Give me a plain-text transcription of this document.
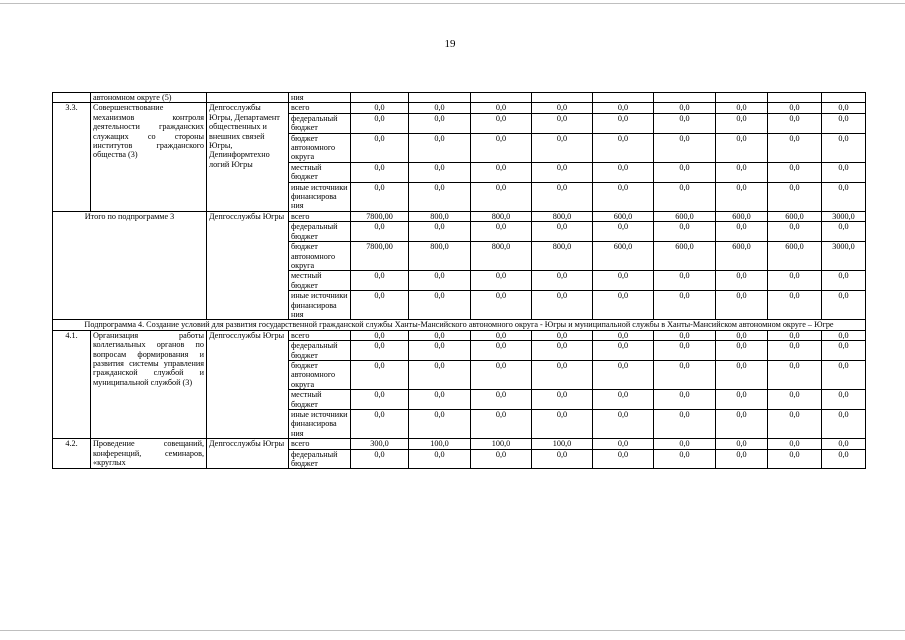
19
	автономном округе (5)		ния									
3.3.	Совершенствование механизмов контроля деятельности гражданских служащих со стороны институтов гражданского общества (3)	Депгосслужбы Югры, Департамент общественных и внешних связей Югры, Депинформтехно логий Югры	всего	0,0	0,0	0,0	0,0	0,0	0,0	0,0	0,0	0,0
			федеральный бюджет	0,0	0,0	0,0	0,0	0,0	0,0	0,0	0,0	0,0
			бюджет автономного округа	0,0	0,0	0,0	0,0	0,0	0,0	0,0	0,0	0,0
			местный бюджет	0,0	0,0	0,0	0,0	0,0	0,0	0,0	0,0	0,0
			иные источники финансирова ния	0,0	0,0	0,0	0,0	0,0	0,0	0,0	0,0	0,0
Итого по подпрограмме 3		Депгосслужбы Югры	всего	7800,00	800,0	800,0	800,0	600,0	600,0	600,0	600,0	3000,0
			федеральный бюджет	0,0	0,0	0,0	0,0	0,0	0,0	0,0	0,0	0,0
			бюджет автономного округа	7800,00	800,0	800,0	800,0	600,0	600,0	600,0	600,0	3000,0
			местный бюджет	0,0	0,0	0,0	0,0	0,0	0,0	0,0	0,0	0,0
			иные источники финансирова ния	0,0	0,0	0,0	0,0	0,0	0,0	0,0	0,0	0,0
Подпрограмма 4. Создание условий для развития государственной гражданской службы Ханты-Мансийского автономного округа - Югры и муниципальной службы в Ханты-Мансийском автономном округе – Югре												
4.1.	Организация работы коллегиальных органов по вопросам формирования и развития системы управления гражданской службой и муниципальной службой (3)	Депгосслужбы Югры	всего	0,0	0,0	0,0	0,0	0,0	0,0	0,0	0,0	0,0
			федеральный бюджет	0,0	0,0	0,0	0,0	0,0	0,0	0,0	0,0	0,0
			бюджет автономного округа	0,0	0,0	0,0	0,0	0,0	0,0	0,0	0,0	0,0
			местный бюджет	0,0	0,0	0,0	0,0	0,0	0,0	0,0	0,0	0,0
			иные источники финансирова ния	0,0	0,0	0,0	0,0	0,0	0,0	0,0	0,0	0,0
4.2.	Проведение совещаний, конференций, семинаров, «круглых	Депгосслужбы Югры	всего	300,0	100,0	100,0	100,0	0,0	0,0	0,0	0,0	0,0
			федеральный бюджет	0,0	0,0	0,0	0,0	0,0	0,0	0,0	0,0	0,0
